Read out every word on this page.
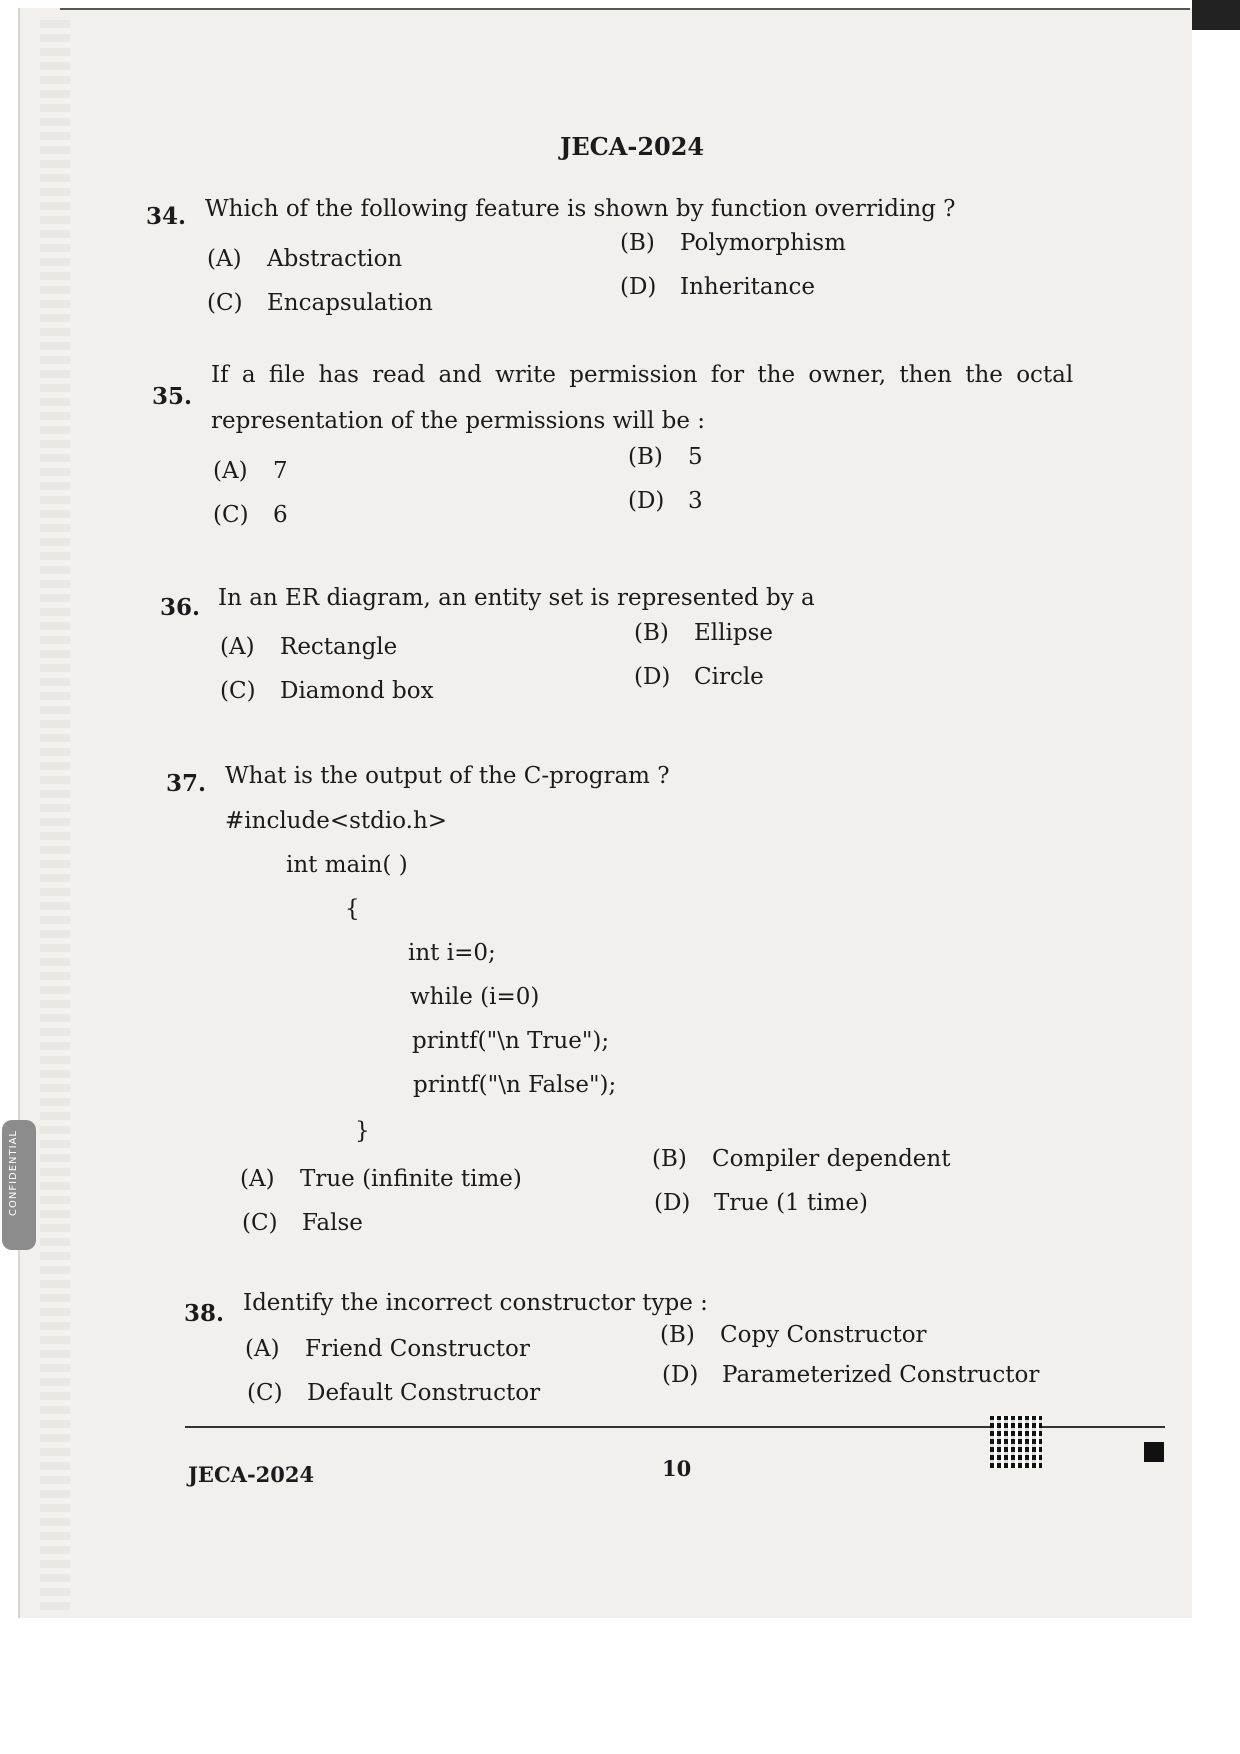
CONFIDENTIAL
JECA-2024
34. Which of the following feature is shown by function overriding ?
(A) Abstraction
(B) Polymorphism
(C) Encapsulation
(D) Inheritance
35.
If a file has read and write permission for the owner, then the octal
representation of the permissions will be :
(A) 7
(B) 5
(C) 6
(D) 3
36. In an ER diagram, an entity set is represented by a
(A) Rectangle
(B) Ellipse
(C) Diamond box
(D) Circle
37. What is the output of the C-program ?
#include<stdio.h>
int main( )
{
int i=0;
while (i=0)
printf("\n True");
printf("\n False");
}
(A) True (infinite time)
(B) Compiler dependent
(C) False
(D) True (1 time)
38. Identify the incorrect constructor type :
(A) Friend Constructor
(B) Copy Constructor
(C) Default Constructor
(D) Parameterized Constructor
JECA-2024	10
